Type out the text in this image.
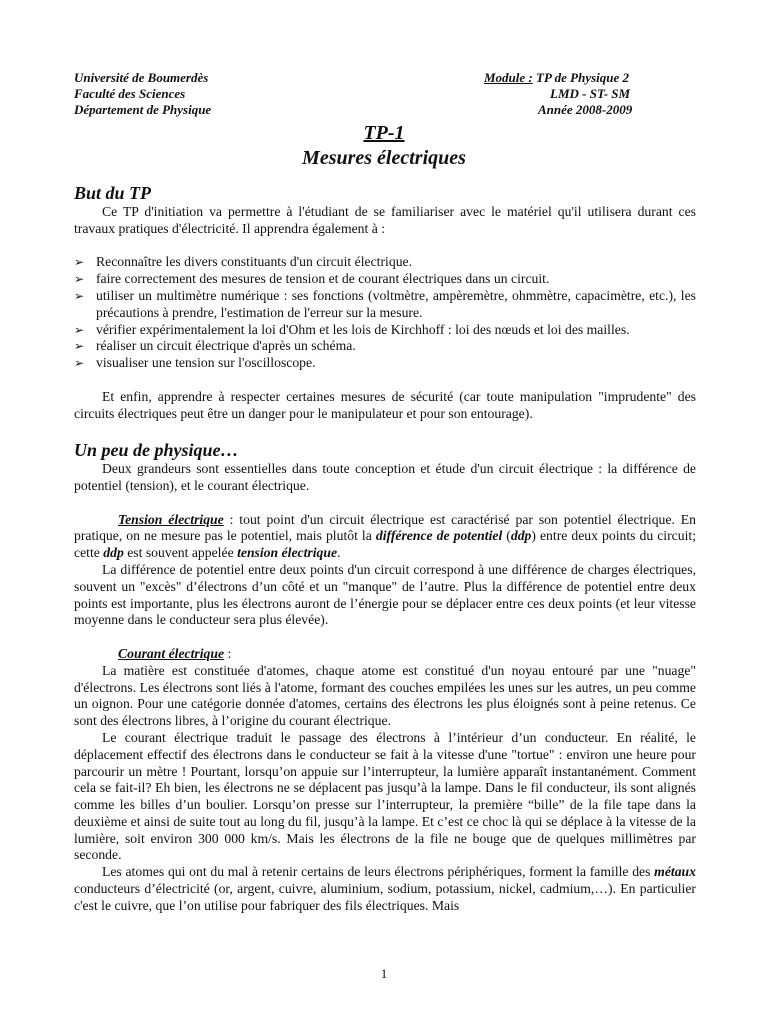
Université de Boumerdès
Faculté des Sciences
Département de Physique
Module : TP de Physique 2
LMD - ST- SM
Année 2008-2009
TP-1
Mesures électriques
But du TP

Ce TP d'initiation va permettre à l'étudiant de se familiariser avec le matériel qu'il utilisera durant ces travaux pratiques d'électricité. Il apprendra également à :

➢ Reconnaître les divers constituants d'un circuit électrique.
➢ faire correctement des mesures de tension et de courant électriques dans un circuit.
➢ utiliser un multimètre numérique : ses fonctions (voltmètre, ampèremètre, ohmmètre, capacimètre, etc.), les précautions à prendre, l'estimation de l'erreur sur la mesure.
➢ vérifier expérimentalement la loi d'Ohm et les lois de Kirchhoff : loi des nœuds et loi des mailles.
➢ réaliser un circuit électrique d'après un schéma.
➢ visualiser une tension sur l'oscilloscope.

Et enfin, apprendre à respecter certaines mesures de sécurité (car toute manipulation "imprudente" des circuits électriques peut être un danger pour le manipulateur et pour son entourage).

Un peu de physique…

Deux grandeurs sont essentielles dans toute conception et étude d'un circuit électrique : la différence de potentiel (tension), et le courant électrique.

Tension électrique : tout point d'un circuit électrique est caractérisé par son potentiel électrique. En pratique, on ne mesure pas le potentiel, mais plutôt la différence de potentiel (ddp) entre deux points du circuit; cette ddp est souvent appelée tension électrique.

La différence de potentiel entre deux points d'un circuit correspond à une différence de charges électriques, souvent un "excès" d’électrons d’un côté et un "manque" de l’autre. Plus la différence de potentiel entre deux points est importante, plus les électrons auront de l’énergie pour se déplacer entre ces deux points (et leur vitesse moyenne dans le conducteur sera plus élevée).

Courant électrique :

La matière est constituée d'atomes, chaque atome est constitué d'un noyau entouré par une "nuage" d'électrons. Les électrons sont liés à l'atome, formant des couches empilées les unes sur les autres, un peu comme un oignon. Pour une catégorie donnée d'atomes, certains des électrons les plus éloignés sont à peine retenus. Ce sont des électrons libres, à l’origine du courant électrique.

Le courant électrique traduit le passage des électrons à l’intérieur d’un conducteur. En réalité, le déplacement effectif des électrons dans le conducteur se fait à la vitesse d'une "tortue" : environ une heure pour parcourir un mètre ! Pourtant, lorsqu’on appuie sur l’interrupteur, la lumière apparaît instantanément. Comment cela se fait-il? Eh bien, les électrons ne se déplacent pas jusqu’à la lampe. Dans le fil conducteur, ils sont alignés comme les billes d’un boulier. Lorsqu’on presse sur l’interrupteur, la première “bille” de la file tape dans la deuxième et ainsi de suite tout au long du fil, jusqu’à la lampe. Et c’est ce choc là qui se déplace à la vitesse de la lumière, soit environ 300 000 km/s. Mais les électrons de la file ne bouge que de quelques millimètres par seconde.

Les atomes qui ont du mal à retenir certains de leurs électrons périphériques, forment la famille des métaux conducteurs d’électricité (or, argent, cuivre, aluminium, sodium, potassium, nickel, cadmium,…). En particulier c'est le cuivre, que l’on utilise pour fabriquer des fils électriques. Mais

1
